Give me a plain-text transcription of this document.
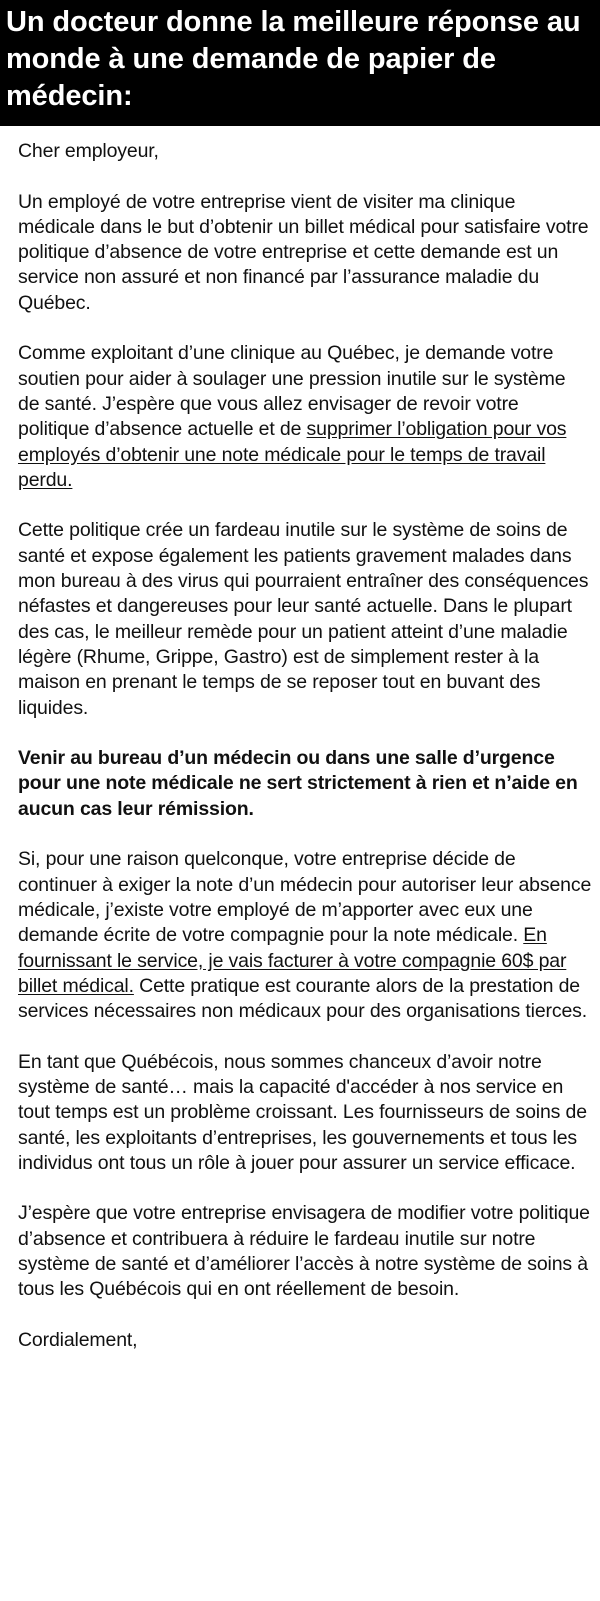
Un docteur donne la meilleure réponse au monde à une demande de papier de médecin:

Cher employeur,

Un employé de votre entreprise vient de visiter ma clinique médicale dans le but d’obtenir un billet médical pour satisfaire votre politique d’absence de votre entreprise et cette demande est un service non assuré et non financé par l’assurance maladie du Québec.

Comme exploitant d’une clinique au Québec, je demande votre soutien pour aider à soulager une pression inutile sur le système de santé. J’espère que vous allez envisager de revoir votre politique d’absence actuelle et de supprimer l’obligation pour vos employés d’obtenir une note médicale pour le temps de travail perdu.

Cette politique crée un fardeau inutile sur le système de soins de santé et expose également les patients gravement malades dans mon bureau à des virus qui pourraient entraîner des conséquences néfastes et dangereuses pour leur santé actuelle. Dans le plupart des cas, le meilleur remède pour un patient atteint d’une maladie légère (Rhume, Grippe, Gastro) est de simplement rester à la maison en prenant le temps de se reposer tout en buvant des liquides.

Venir au bureau d’un médecin ou dans une salle d’urgence pour une note médicale ne sert strictement à rien et n’aide en aucun cas leur rémission.

Si, pour une raison quelconque, votre entreprise décide de continuer à exiger la note d’un médecin pour autoriser leur absence médicale, j’existe votre employé de m’apporter avec eux une demande écrite de votre compagnie pour la note médicale. En fournissant le service, je vais facturer à votre compagnie 60$ par billet médical. Cette pratique est courante alors de la prestation de services nécessaires non médicaux pour des organisations tierces.

En tant que Québécois, nous sommes chanceux d’avoir notre système de santé… mais la capacité d'accéder à nos service en tout temps est un problème croissant. Les fournisseurs de soins de santé, les exploitants d’entreprises, les gouvernements et tous les individus ont tous un rôle à jouer pour assurer un service efficace.

J’espère que votre entreprise envisagera de modifier votre politique d’absence et contribuera à réduire le fardeau inutile sur notre système de santé et d’améliorer l’accès à notre système de soins à tous les Québécois qui en ont réellement de besoin.

Cordialement,
